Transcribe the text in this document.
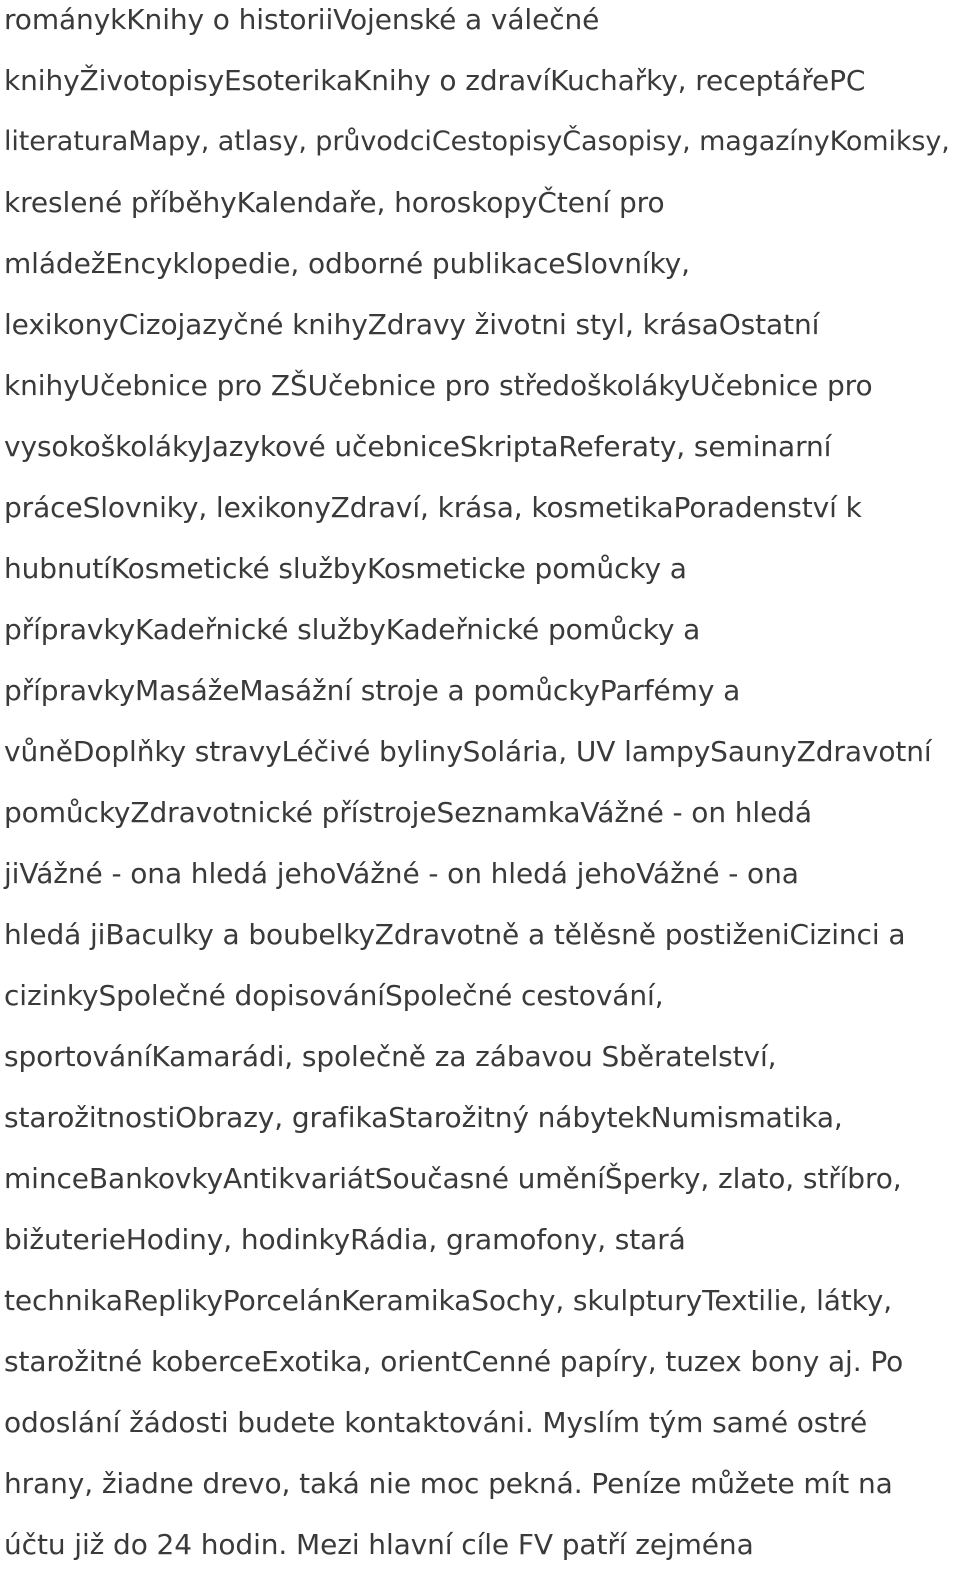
románykKnihy o historiiVojenské a válečné
knihyŽivotopisyEsoterikaKnihy o zdravíKuchařky, receptářePC
literaturaMapy, atlasy, průvodciCestopisyČasopisy, magazínyKomiksy,
kreslené příběhyKalendaře, horoskopyČtení pro
mládežEncyklopedie, odborné publikaceSlovníky,
lexikonyCizojazyčné knihyZdravy životni styl, krásaOstatní
knihyUčebnice pro ZŠUčebnice pro středoškolákyUčebnice pro
vysokoškolákyJazykové učebniceSkriptaReferaty, seminarní
práceSlovniky, lexikonyZdraví, krása, kosmetikaPoradenství k
hubnutíKosmetické službyKosmeticke pomůcky a
přípravkyKadeřnické službyKadeřnické pomůcky a
přípravkyMasážeMasážní stroje a pomůckyParfémy a
vůněDoplňky stravyLéčivé bylinySolária, UV lampySaunyZdravotní
pomůckyZdravotnické přístrojeSeznamkaVážné - on hledá
jiVážné - ona hledá jehoVážné - on hledá jehoVážné - ona
hledá jiBaculky a boubelkyZdravotně a tělěsně postiženiCizinci a
cizinkySpolečné dopisováníSpolečné cestování,
sportováníKamarádi, společně za zábavou Sběratelství,
starožitnostiObrazy, grafikaStarožitný nábytekNumismatika,
minceBankovkyAntikvariátSoučasné uměníŠperky, zlato, stříbro,
bižuterieHodiny, hodinkyRádia, gramofony, stará
technikaReplikyPorcelánKeramikaSochy, skulpturyTextilie, látky,
starožitné kobercеExotika, orientCenné papíry, tuzex bony aj. Po
odoslání žádosti budete kontaktováni. Myslím tým samé ostré
hrany, žiadne drevo, taká nie moc pekná. Peníze můžete mít na
účtu již do 24 hodin. Mezi hlavní cíle FV patří zejména
